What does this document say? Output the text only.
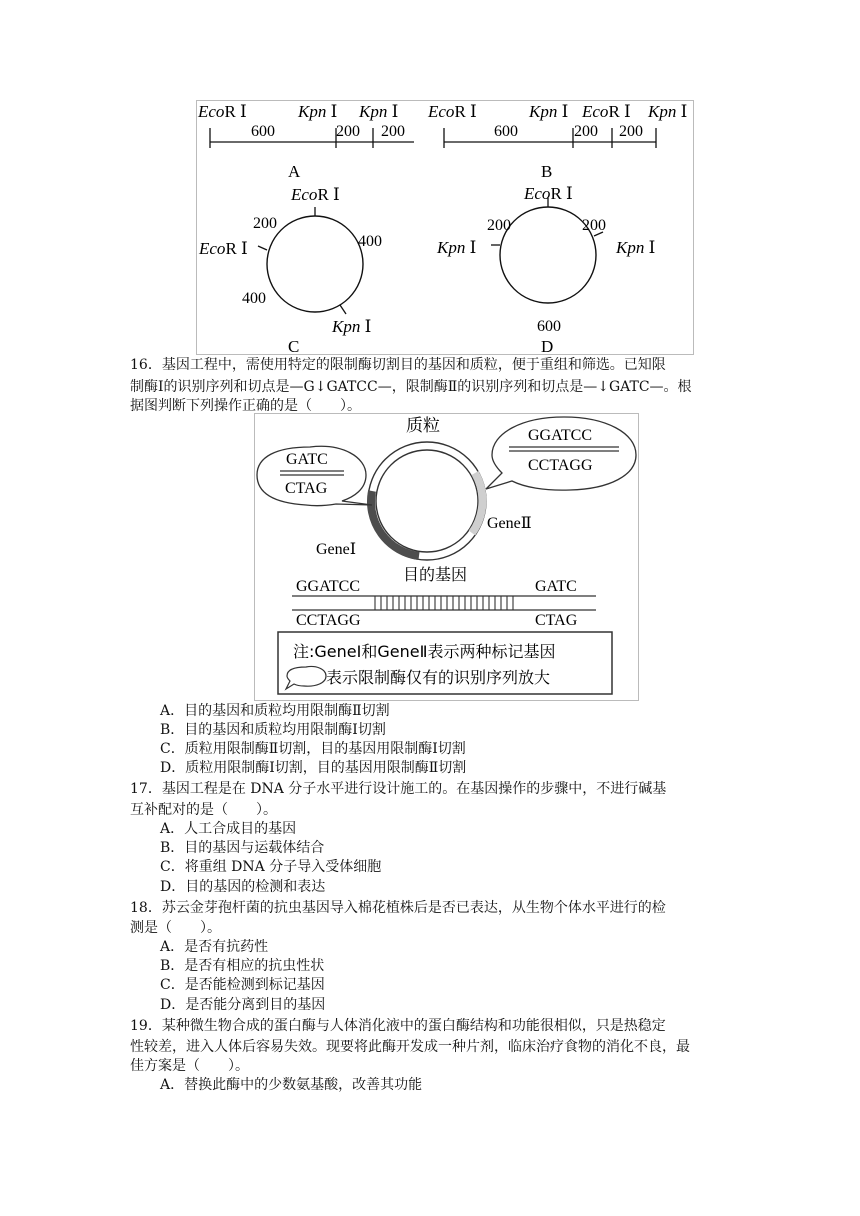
EcoR Ⅰ	Kpn Ⅰ Kpn Ⅰ
600	200 200
A
EcoR Ⅰ	Kpn Ⅰ EcoR Ⅰ Kpn Ⅰ
600	200 200
B
EcoR Ⅰ
EcoR Ⅰ
Kpn Ⅰ
200
400
400
C
EcoR Ⅰ
Kpn Ⅰ	Kpn Ⅰ
200	200
600
D
16．基因工程中，需使用特定的限制酶切割目的基因和质粒，便于重组和筛选。已知限
制酶Ⅰ的识别序列和切点是—G↓GATCC—，限制酶Ⅱ的识别序列和切点是—↓GATC—。根
据图判断下列操作正确的是（　　）。
质粒
GATC
CTAG
GGATCC
CCTAGG
GeneⅠ
GeneⅡ
目的基因
GGATCC	GATC
CCTAGG	CTAG
注:GeneⅠ和GeneⅡ表示两种标记基因
表示限制酶仅有的识别序列放大
A．目的基因和质粒均用限制酶Ⅱ切割
B．目的基因和质粒均用限制酶Ⅰ切割
C．质粒用限制酶Ⅱ切割，目的基因用限制酶Ⅰ切割
D．质粒用限制酶Ⅰ切割，目的基因用限制酶Ⅱ切割
17．基因工程是在 DNA 分子水平进行设计施工的。在基因操作的步骤中，不进行碱基
互补配对的是（　　）。
A．人工合成目的基因
B．目的基因与运载体结合
C．将重组 DNA 分子导入受体细胞
D．目的基因的检测和表达
18．苏云金芽孢杆菌的抗虫基因导入棉花植株后是否已表达，从生物个体水平进行的检
测是（　　）。
A．是否有抗药性
B．是否有相应的抗虫性状
C．是否能检测到标记基因
D．是否能分离到目的基因
19．某种微生物合成的蛋白酶与人体消化液中的蛋白酶结构和功能很相似，只是热稳定
性较差，进入人体后容易失效。现要将此酶开发成一种片剂，临床治疗食物的消化不良，最
佳方案是（　　）。
A．替换此酶中的少数氨基酸，改善其功能
